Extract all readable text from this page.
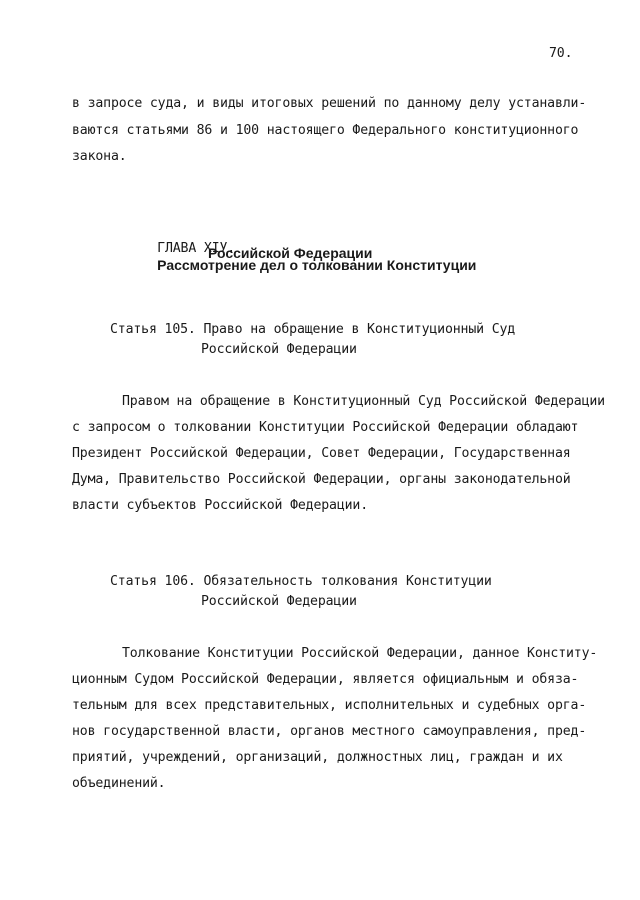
70.
в запросе суда, и виды итоговых решений по данному делу устанавли-
ваются статьями 86 и 100 настоящего Федерального конституционного
закона.

ГЛАВА XIУ.
Рассмотрение дел о толковании Конституции

Российской Федерации
Статья 105. Право на обращение в Конституционный Суд
Российской Федерации
Правом на обращение в Конституционный Суд Российской Федерации
с запросом о толковании Конституции Российской Федерации обладают
Президент Российской Федерации, Совет Федерации, Государственная
Дума, Правительство Российской Федерации, органы законодательной
власти субъектов Российской Федерации.
Статья 106. Обязательность толкования Конституции
Российской Федерации
Толкование Конституции Российской Федерации, данное Конститу-
ционным Судом Российской Федерации, является официальным и обяза-
тельным для всех представительных, исполнительных и судебных орга-
нов государственной власти, органов местного самоуправления, пред-
приятий, учреждений, организаций, должностных лиц, граждан и их
объединений.
